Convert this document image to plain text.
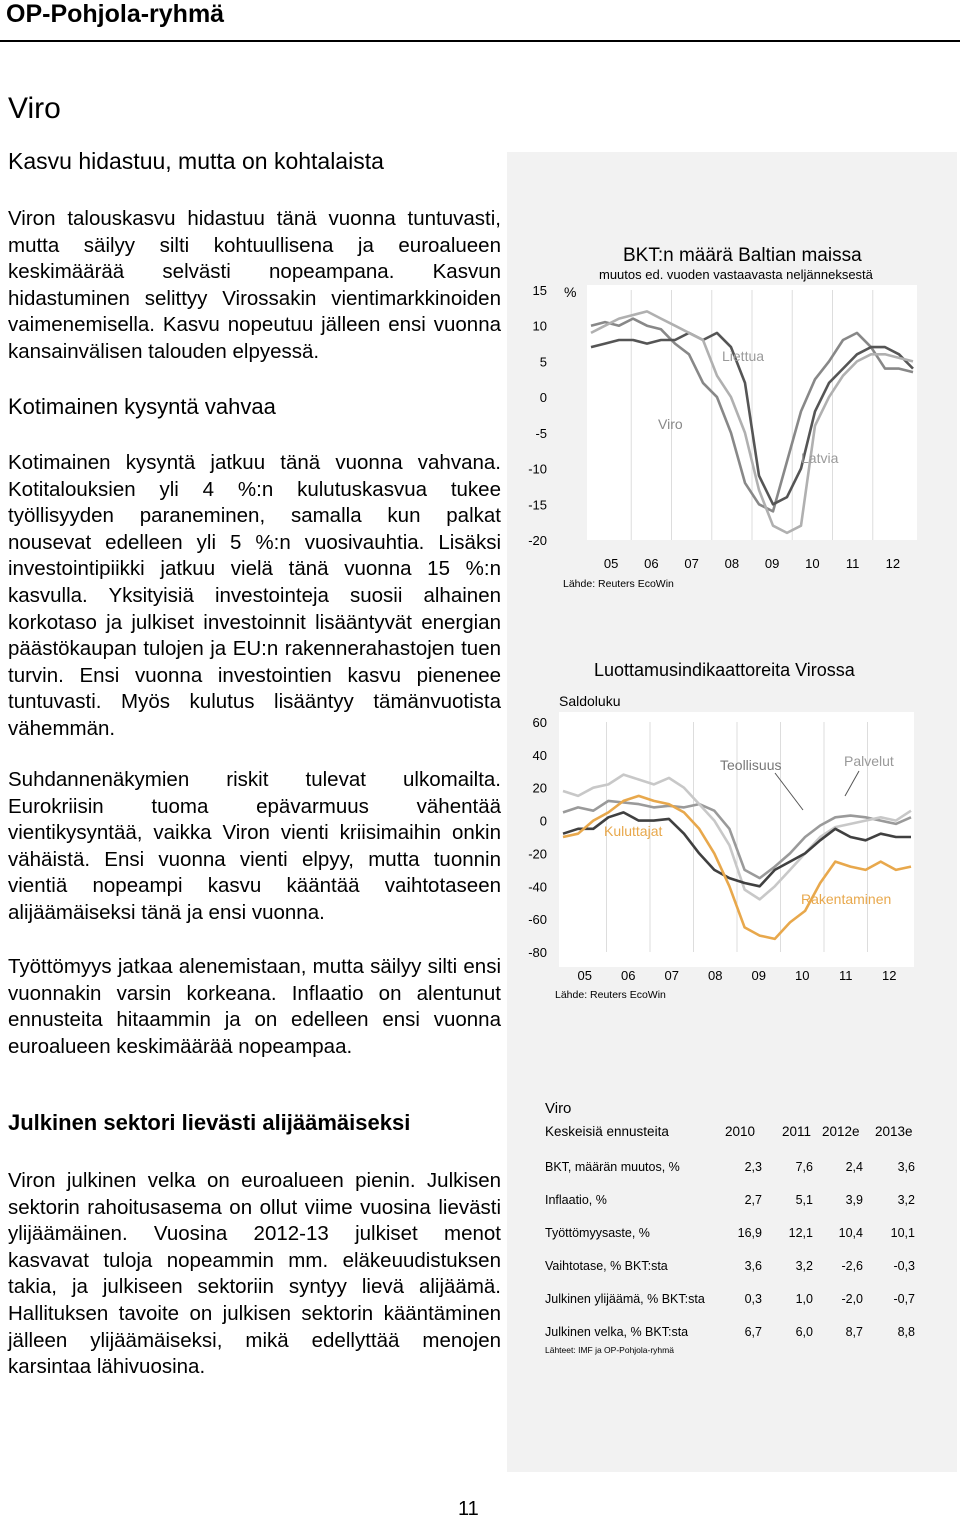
OP-Pohjola-ryhmä
Viro
Kasvu hidastuu, mutta on kohtalaista

Viron talouskasvu hidastuu tänä vuonna tuntuvasti, mutta säilyy silti kohtuullisena ja euroalueen keskimäärää selvästi nopeampana. Kasvun hidastuminen selittyy Virossakin vientimarkkinoiden vaimenemisella. Kasvu nopeutuu jälleen ensi vuonna kansainvälisen talouden elpyessä.

Kotimainen kysyntä vahvaa

Kotimainen kysyntä jatkuu tänä vuonna vahvana. Kotitalouksien yli 4 %:n kulutuskasvua tukee työllisyyden paraneminen, samalla kun palkat nousevat edelleen yli 5 %:n vuosivauhtia. Lisäksi investointipiikki jatkuu vielä tänä vuonna 15 %:n kasvulla. Yksityisiä investointeja suosii alhainen korkotaso ja julkiset investoinnit lisääntyvät energian päästökaupan tulojen ja EU:n rakennerahastojen tuen turvin. Ensi vuonna investointien kasvu pienenee tuntuvasti. Myös kulutus lisääntyy tämänvuotista vähemmän.

Suhdannenäkymien riskit tulevat ulkomailta. Eurokriisin tuoma epävarmuus vähentää vientikysyntää, vaikka Viron vienti kriisimaihin onkin vähäistä. Ensi vuonna vienti elpyy, mutta tuonnin vientiä nopeampi kasvu kääntää vaihtotaseen alijäämäiseksi tänä ja ensi vuonna.

Työttömyys jatkaa alenemistaan, mutta säilyy silti ensi vuonnakin varsin korkeana. Inflaatio on alentunut ennusteita hitaammin ja on edelleen ensi vuonna euroalueen keskimäärää nopeampaa.

Julkinen sektori lievästi alijäämäiseksi

Viron julkinen velka on euroalueen pienin. Julkisen sektorin rahoitusasema on ollut viime vuosina lievästi ylijäämäinen. Vuosina 2012-13 julkiset menot kasvavat tuloja nopeammin mm. eläkeuudistuksen takia, ja julkiseen sektoriin syntyy lievä alijäämä. Hallituksen tavoite on julkisen sektorin kääntäminen jälleen ylijäämäiseksi, mikä edellyttää menojen karsintaa lähivuosina.

BKT:n määrä Baltian maissa
muutos ed. vuoden vastaavasta neljänneksestä
%
15
10
5
0
-5
-10
-15
-20
05 06 07 08 09 10 11 12
Liettua
Viro
Latvia
Lähde: Reuters EcoWin
Luottamusindikaattoreita Virossa
Saldoluku
60
40
20
0
-20
-40
-60
-80
05 06 07 08 09 10 11 12
Teollisuus	Palvelut
Kuluttajat
Rakentaminen
Lähde: Reuters EcoWin
Viro
Keskeisiä ennusteita	2010 2011 2012e 2013e
BKT, määrän muutos, %	2,3	7,6	2,4	3,6
Inflaatio, %	2,7	5,1	3,9	3,2
Työttömyysaste, %	16,9 12,1 10,4 10,1
Vaihtotase, % BKT:sta	3,6	3,2 -2,6 -0,3
Julkinen ylijäämä, % BKT:sta	0,3	1,0 -2,0 -0,7
Julkinen velka, % BKT:sta	6,7	6,0	8,7	8,8
Lähteet: IMF ja OP-Pohjola-ryhmä
11
